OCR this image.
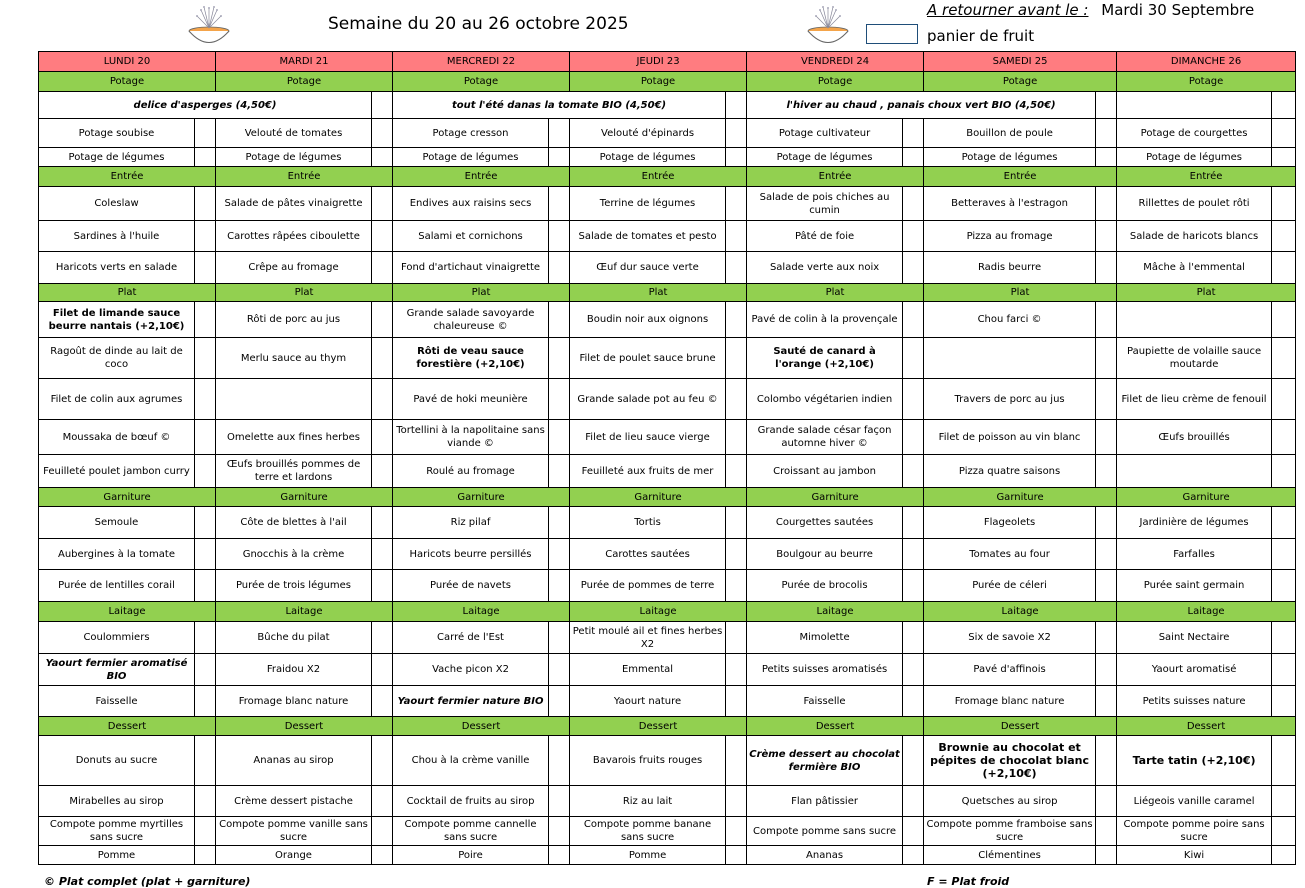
Semaine du 20 au 26 octobre 2025
A retourner avant le : Mardi 30 Septembre
panier de fruit
LUNDI 20		MARDI 21		MERCREDI 22		JEUDI 23		VENDREDI 24		SAMEDI 25		DIMANCHE 26	
Potage		Potage		Potage		Potage		Potage		Potage		Potage	
delice d'asperges (4,50€)				tout l'été danas la tomate BIO (4,50€)				l'hiver au chaud , panais choux vert BIO (4,50€)					
Potage soubise		Velouté de tomates		Potage cresson		Velouté d'épinards		Potage cultivateur		Bouillon de poule		Potage de courgettes	
Potage de légumes		Potage de légumes		Potage de légumes		Potage de légumes		Potage de légumes		Potage de légumes		Potage de légumes	
Entrée		Entrée		Entrée		Entrée		Entrée		Entrée		Entrée	
Coleslaw		Salade de pâtes vinaigrette		Endives aux raisins secs		Terrine de légumes		Salade de pois chiches au cumin		Betteraves à l'estragon		Rillettes de poulet rôti	
Sardines à l'huile		Carottes râpées ciboulette		Salami et cornichons		Salade de tomates et pesto		Pâté de foie		Pizza au fromage		Salade de haricots blancs	
Haricots verts en salade		Crêpe au fromage		Fond d'artichaut vinaigrette		Œuf dur sauce verte		Salade verte aux noix		Radis beurre		Mâche à l'emmental	
Plat		Plat		Plat		Plat		Plat		Plat		Plat	
Filet de limande sauce beurre nantais (+2,10€)		Rôti de porc au jus		Grande salade savoyarde chaleureuse ©		Boudin noir aux oignons		Pavé de colin à la provençale		Chou farci ©			
Ragoût de dinde au lait de coco		Merlu sauce au thym		Rôti de veau sauce forestière (+2,10€)		Filet de poulet sauce brune		Sauté de canard à l'orange (+2,10€)				Paupiette de volaille sauce moutarde	
Filet de colin aux agrumes				Pavé de hoki meunière		Grande salade pot au feu ©		Colombo végétarien indien		Travers de porc au jus		Filet de lieu crème de fenouil	
Moussaka de bœuf ©		Omelette aux fines herbes		Tortellini à la napolitaine sans viande ©		Filet de lieu sauce vierge		Grande salade césar façon automne hiver ©		Filet de poisson au vin blanc		Œufs brouillés	
Feuilleté poulet jambon curry		Œufs brouillés pommes de terre et lardons		Roulé au fromage		Feuilleté aux fruits de mer		Croissant au jambon		Pizza quatre saisons			
Garniture		Garniture		Garniture		Garniture		Garniture		Garniture		Garniture	
Semoule		Côte de blettes à l'ail		Riz pilaf		Tortis		Courgettes sautées		Flageolets		Jardinière de légumes	
Aubergines à la tomate		Gnocchis à la crème		Haricots beurre persillés		Carottes sautées		Boulgour au beurre		Tomates au four		Farfalles	
Purée de lentilles corail		Purée de trois légumes		Purée de navets		Purée de pommes de terre		Purée de brocolis		Purée de céleri		Purée saint germain	
Laitage		Laitage		Laitage		Laitage		Laitage		Laitage		Laitage	
Coulommiers		Bûche du pilat		Carré de l'Est		Petit moulé ail et fines herbes X2		Mimolette		Six de savoie X2		Saint Nectaire	
Yaourt fermier aromatisé BIO		Fraidou X2		Vache picon X2		Emmental		Petits suisses aromatisés		Pavé d'affinois		Yaourt aromatisé	
Faisselle		Fromage blanc nature		Yaourt fermier nature BIO		Yaourt nature		Faisselle		Fromage blanc nature		Petits suisses nature	
Dessert		Dessert		Dessert		Dessert		Dessert		Dessert		Dessert	
Donuts au sucre		Ananas au sirop		Chou à la crème vanille		Bavarois fruits rouges		Crème dessert au chocolat fermière BIO		Brownie au chocolat et pépites de chocolat blanc (+2,10€)		Tarte tatin (+2,10€)	
Mirabelles au sirop		Crème dessert pistache		Cocktail de fruits au sirop		Riz au lait		Flan pâtissier		Quetsches au sirop		Liégeois vanille caramel	
Compote pomme myrtilles sans sucre		Compote pomme vanille sans sucre		Compote pomme cannelle sans sucre		Compote pomme banane sans sucre		Compote pomme sans sucre		Compote pomme framboise sans sucre		Compote pomme poire sans sucre	
Pomme		Orange		Poire		Pomme		Ananas		Clémentines		Kiwi	
© Plat complet (plat + garniture)	F = Plat froid
